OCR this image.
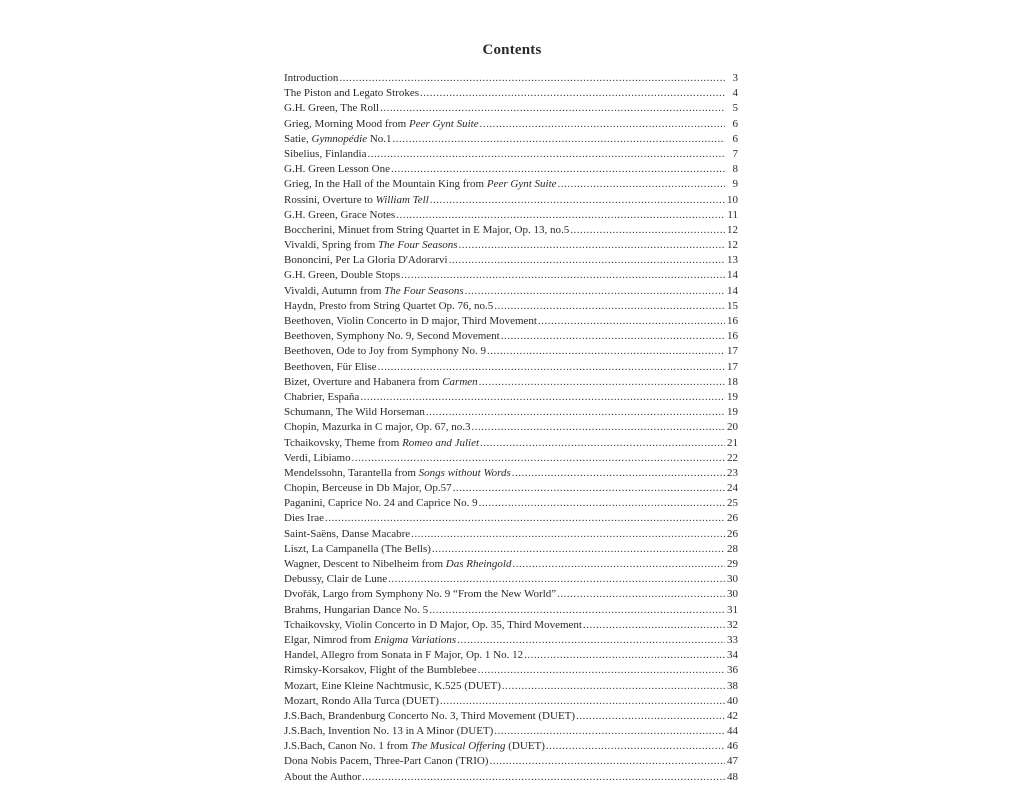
Contents
Introduction .....	3
The Piston and Legato Strokes .....	4
G.H. Green, The Roll .....	5
Grieg, Morning Mood from Peer Gynt Suite .....	6
Satie, Gymnopédie No.1 .....	6
Sibelius, Finlandia .....	7
G.H. Green Lesson One .....	8
Grieg, In the Hall of the Mountain King from Peer Gynt Suite .....	9
Rossini, Overture to William Tell .....	10
G.H. Green, Grace Notes .....	11
Boccherini, Minuet from String Quartet in E Major, Op. 13, no.5 .....	12
Vivaldi, Spring from The Four Seasons .....	12
Bononcini, Per La Gloria D'Adorarvi .....	13
G.H. Green, Double Stops .....	14
Vivaldi, Autumn from The Four Seasons .....	14
Haydn, Presto from String Quartet Op. 76, no.5 .....	15
Beethoven, Violin Concerto in D major, Third Movement .....	16
Beethoven, Symphony No. 9, Second Movement .....	16
Beethoven, Ode to Joy from Symphony No. 9 .....	17
Beethoven, Für Elise .....	17
Bizet, Overture and Habanera from Carmen .....	18
Chabrier, España .....	19
Schumann, The Wild Horseman .....	19
Chopin, Mazurka in C major, Op. 67, no.3 .....	20
Tchaikovsky, Theme from Romeo and Juliet .....	21
Verdi, Libiamo .....	22
Mendelssohn, Tarantella from Songs without Words .....	23
Chopin, Berceuse in Db Major, Op.57 .....	24
Paganini, Caprice No. 24 and Caprice No. 9 .....	25
Dies Irae .....	26
Saint-Saëns, Danse Macabre .....	26
Liszt, La Campanella (The Bells) .....	28
Wagner, Descent to Nibelheim from Das Rheingold .....	29
Debussy, Clair de Lune .....	30
Dvořák, Largo from Symphony No. 9 “From the New World” .....	30
Brahms, Hungarian Dance No. 5 .....	31
Tchaikovsky, Violin Concerto in D Major, Op. 35, Third Movement .....	32
Elgar, Nimrod from Enigma Variations .....	33
Handel, Allegro from Sonata in F Major, Op. 1 No. 12 .....	34
Rimsky-Korsakov, Flight of the Bumblebee .....	36
Mozart, Eine Kleine Nachtmusic, K.525 (DUET) .....	38
Mozart, Rondo Alla Turca (DUET) .....	40
J.S.Bach, Brandenburg Concerto No. 3, Third Movement (DUET) .....	42
J.S.Bach, Invention No. 13 in A Minor (DUET) .....	44
J.S.Bach, Canon No. 1 from The Musical Offering (DUET) .....	46
Dona Nobis Pacem, Three-Part Canon (TRIO) .....	47
About the Author .....	48
